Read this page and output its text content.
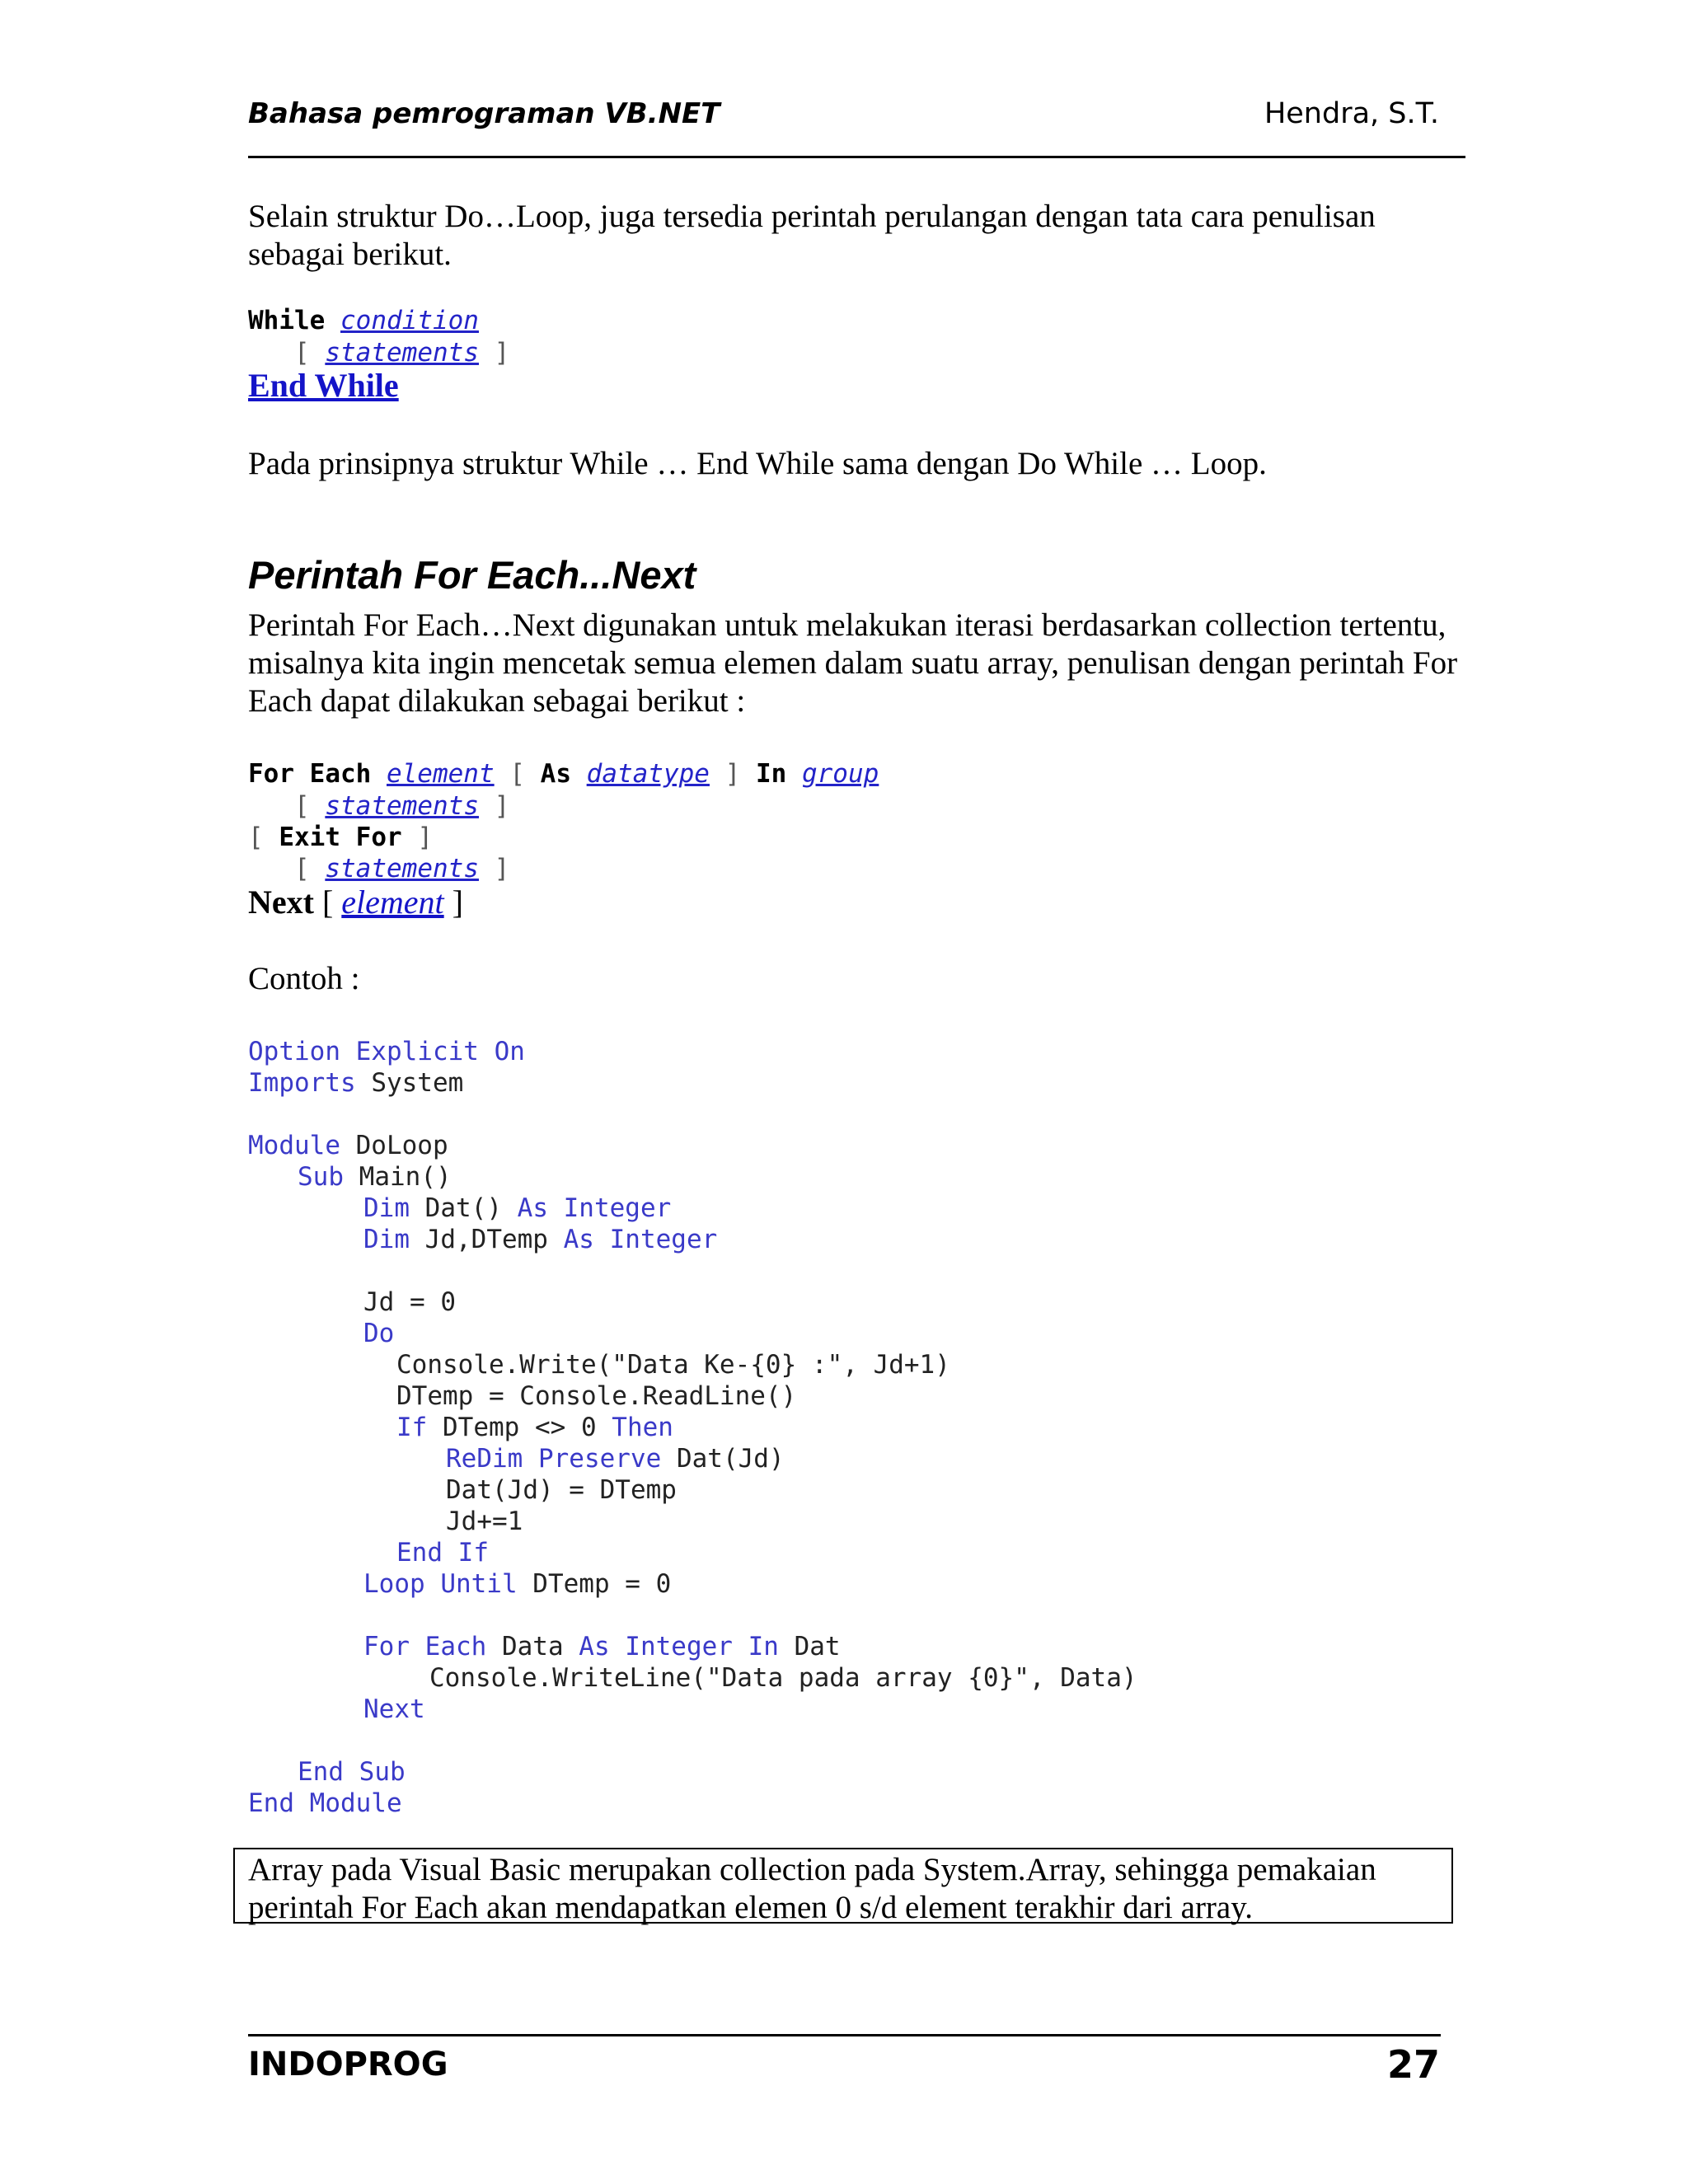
Bahasa pemrograman VB.NET	Hendra, S.T.

Selain struktur Do…Loop, juga tersedia perintah perulangan dengan tata cara penulisan sebagai berikut.

While condition
[ statements ]
End While

Pada prinsipnya struktur While … End While sama dengan Do While … Loop.

Perintah For Each...Next

Perintah For Each…Next digunakan untuk melakukan iterasi berdasarkan collection tertentu, misalnya kita ingin mencetak semua elemen dalam suatu array, penulisan dengan perintah For Each dapat dilakukan sebagai berikut :

For Each element [ As datatype ] In group
[ statements ]
[ Exit For ]
[ statements ]
Next [ element ]

Contoh :

Option Explicit On
Imports System
Module DoLoop
Sub Main()
Dim Dat() As Integer
Dim Jd,DTemp As Integer
Jd = 0
Do
Console.Write("Data Ke-{0} :", Jd+1)
DTemp = Console.ReadLine()
If DTemp <> 0 Then
ReDim Preserve Dat(Jd)
Dat(Jd) = DTemp
Jd+=1
End If
Loop Until DTemp = 0
For Each Data As Integer In Dat
Console.WriteLine("Data pada array {0}", Data)
Next
End Sub
End Module
Array pada Visual Basic merupakan collection pada System.Array, sehingga pemakaian perintah For Each akan mendapatkan elemen 0 s/d element terakhir dari array.
INDOPROG	27
